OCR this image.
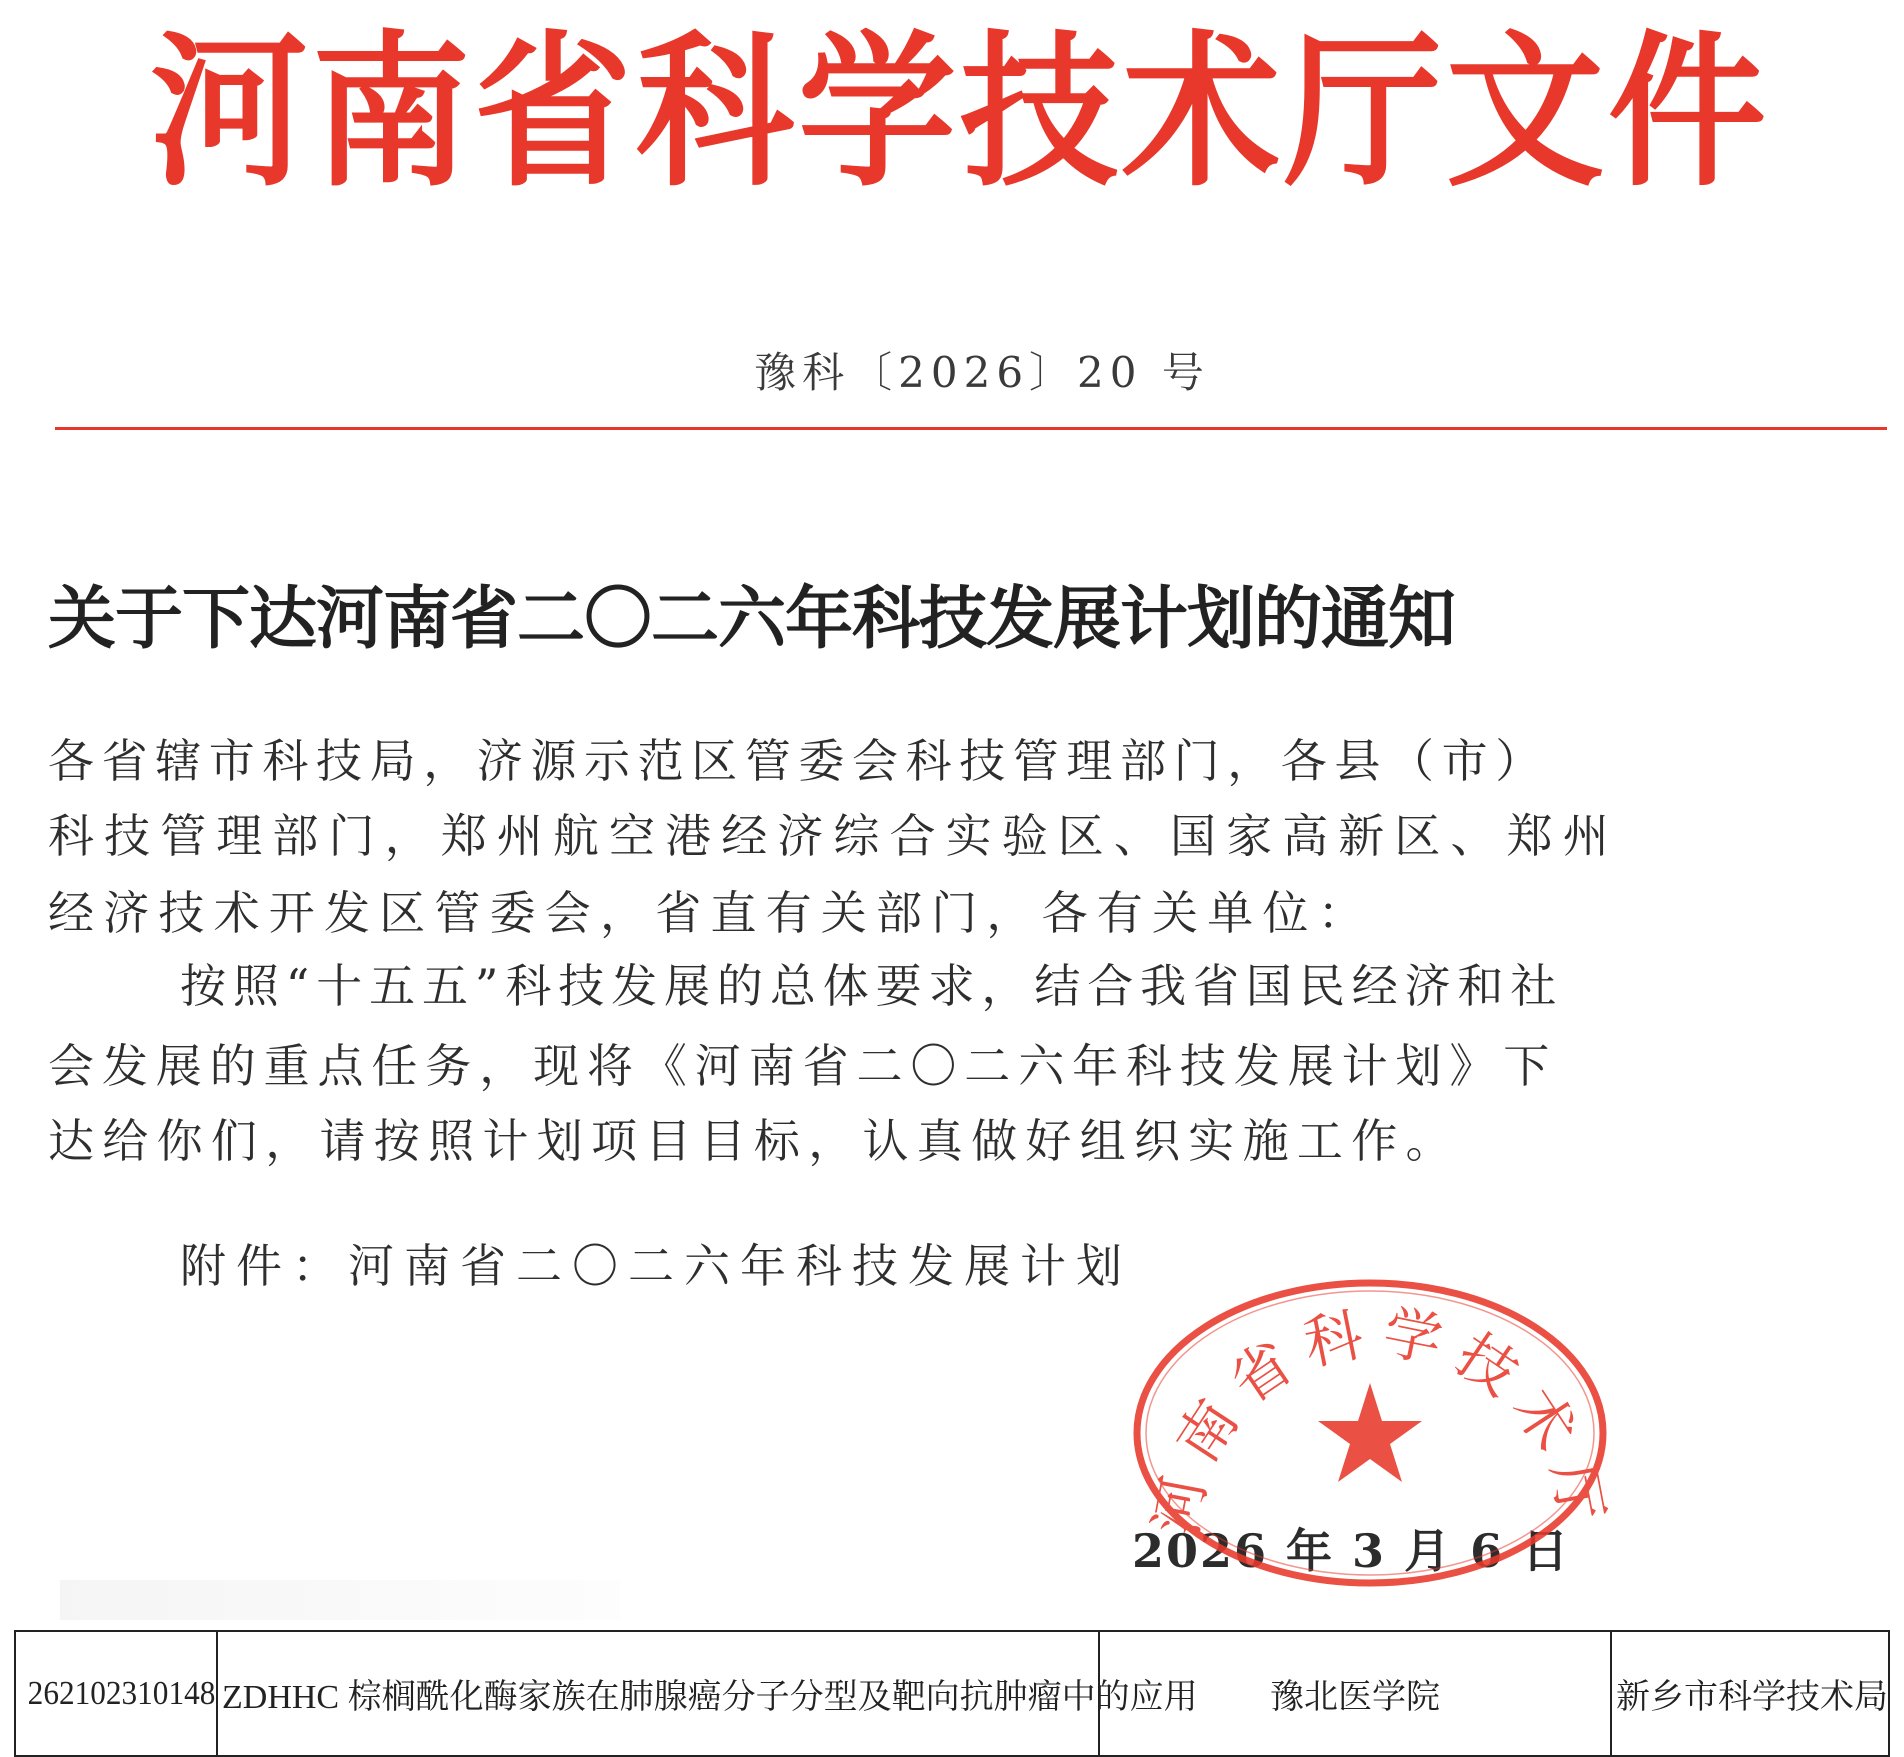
河南省科学技术厅文件
豫科〔2026〕20 号
关于下达河南省二〇二六年科技发展计划的通知
各省辖市科技局，济源示范区管委会科技管理部门，各县（市）
科技管理部门，郑州航空港经济综合实验区、国家高新区、郑州
经济技术开发区管委会，省直有关部门，各有关单位：
按照“十五五”科技发展的总体要求，结合我省国民经济和社
会发展的重点任务，现将《河南省二〇二六年科技发展计划》下
达给你们，请按照计划项目目标，认真做好组织实施工作。
附件：河南省二〇二六年科技发展计划
2026 年 3 月 6 日
河南省科学技术厅
262102310148	ZDHHC 棕榈酰化酶家族在肺腺癌分子分型及靶向抗肿瘤中的应用	豫北医学院	新乡市科学技术局
